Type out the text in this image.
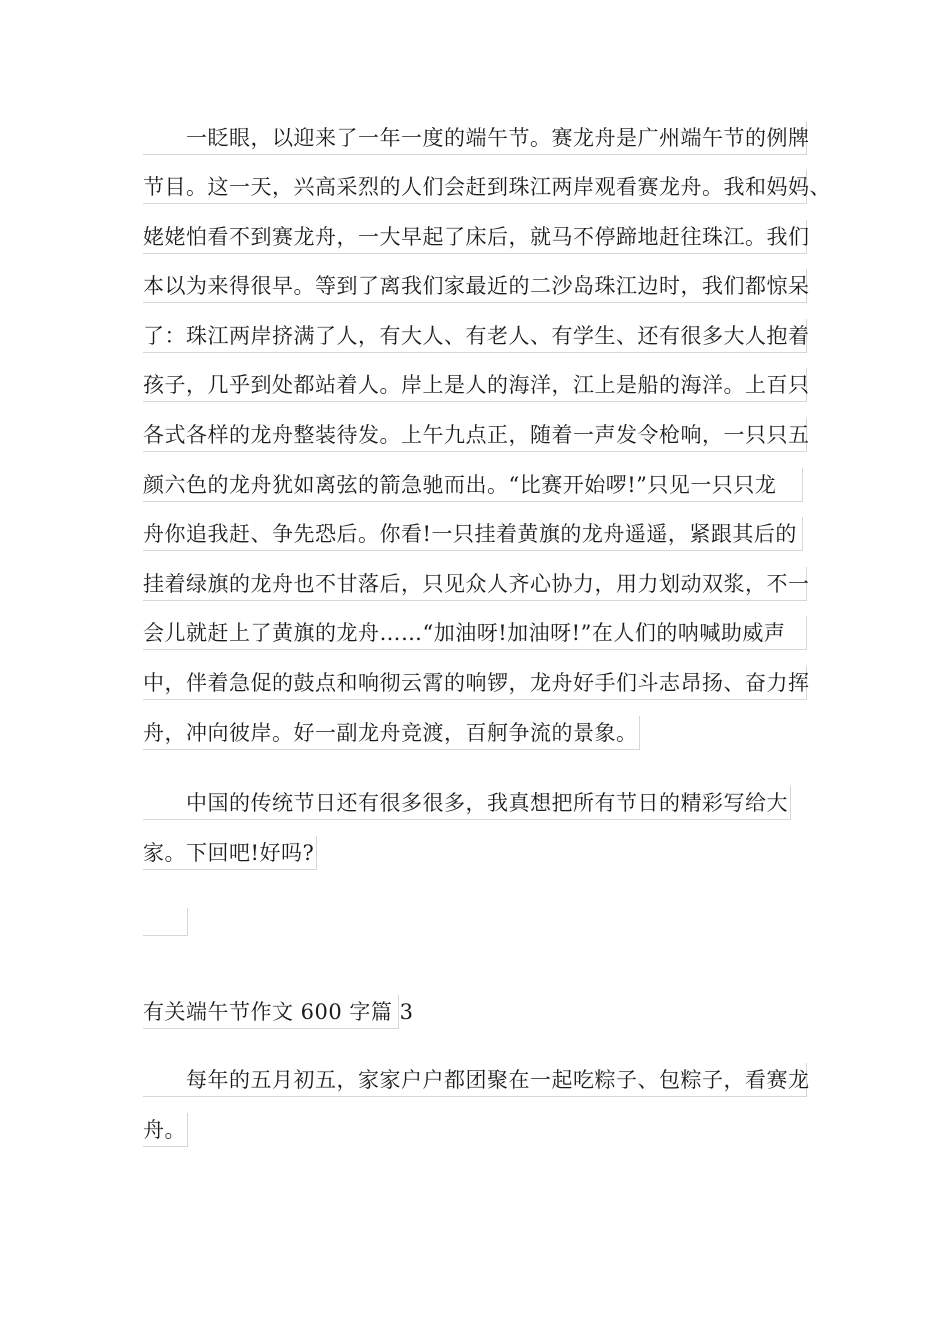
　　一眨眼，以迎来了一年一度的端午节。赛龙舟是广州端午节的例牌
节目。这一天，兴高采烈的人们会赶到珠江两岸观看赛龙舟。我和妈妈、
姥姥怕看不到赛龙舟，一大早起了床后，就马不停蹄地赶往珠江。我们
本以为来得很早。等到了离我们家最近的二沙岛珠江边时，我们都惊呆
了：珠江两岸挤满了人，有大人、有老人、有学生、还有很多大人抱着
孩子，几乎到处都站着人。岸上是人的海洋，江上是船的海洋。上百只
各式各样的龙舟整装待发。上午九点正，随着一声发令枪响，一只只五
颜六色的龙舟犹如离弦的箭急驰而出。“比赛开始啰!”只见一只只龙
舟你追我赶、争先恐后。你看!一只挂着黄旗的龙舟遥遥，紧跟其后的
挂着绿旗的龙舟也不甘落后，只见众人齐心协力，用力划动双浆，不一
会儿就赶上了黄旗的龙舟……“加油呀!加油呀!”在人们的呐喊助威声
中，伴着急促的鼓点和响彻云霄的响锣，龙舟好手们斗志昂扬、奋力挥
舟，冲向彼岸。好一副龙舟竞渡，百舸争流的景象。
　　中国的传统节日还有很多很多，我真想把所有节日的精彩写给大
家。下回吧!好吗?
有关端午节作文 600 字篇 3
　　每年的五月初五，家家户户都团聚在一起吃粽子、包粽子，看赛龙
舟。
